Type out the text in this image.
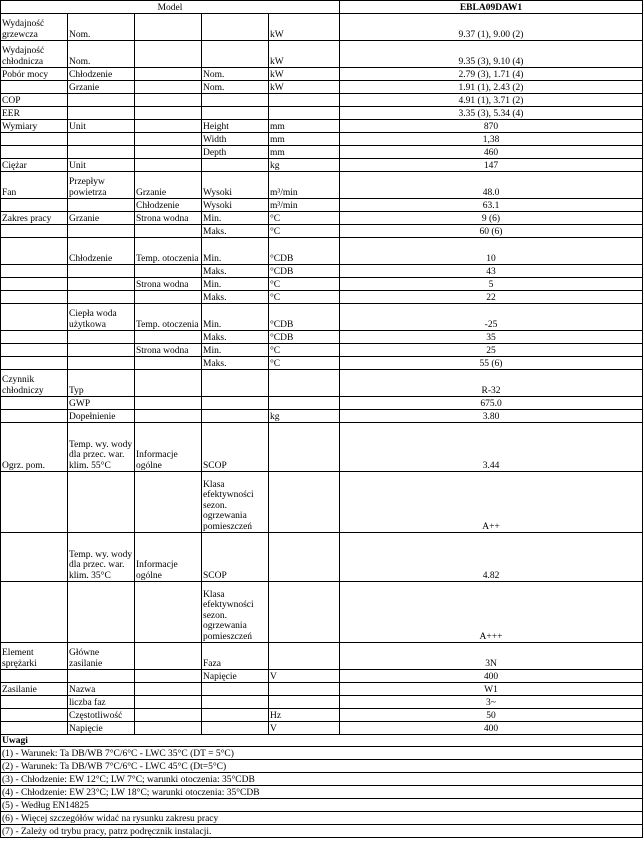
Model					EBLA09DAW1
Wydajność grzewcza	Nom.			kW	9.37 (1), 9.00 (2)
Wydajność chłodnicza	Nom.			kW	9.35 (3), 9.10 (4)
Pobór mocy	Chłodzenie		Nom.	kW	2.79 (3), 1.71 (4)
	Grzanie		Nom.	kW	1.91 (1), 2.43 (2)
COP					4.91 (1), 3.71 (2)
EER					3.35 (3), 5.34 (4)
Wymiary	Unit		Height	mm	870
			Width	mm	1,38
			Depth	mm	460
Ciężar	Unit			kg	147
Fan	Przepływ powietrza	Grzanie	Wysoki	m³/min	48.0
		Chłodzenie	Wysoki	m³/min	63.1
Zakres pracy	Grzanie	Strona wodna	Min.	°C	9 (6)
			Maks.	°C	60 (6)
	Chłodzenie	Temp. otoczenia	Min.	°CDB	10
			Maks.	°CDB	43
		Strona wodna	Min.	°C	5
			Maks.	°C	22
	Ciepła woda użytkowa	Temp. otoczenia	Min.	°CDB	-25
			Maks.	°CDB	35
		Strona wodna	Min.	°C	25
			Maks.	°C	55 (6)
Czynnik chłodniczy	Typ				R-32
	GWP				675.0
	Dopełnienie			kg	3.80
Ogrz. pom.	Temp. wy. wody dla przec. war. klim. 55°C	Informacje ogólne	SCOP		3.44
			Klasa efektywności sezon. ogrzewania pomieszczeń		A++
	Temp. wy. wody dla przec. war. klim. 35°C	Informacje ogólne	SCOP		4.82
			Klasa efektywności sezon. ogrzewania pomieszczeń		A+++
Element sprężarki	Główne zasilanie		Faza		3N
			Napięcie	V	400
Zasilanie	Nazwa				W1
	liczba faz				3~
	Częstotliwość			Hz	50
	Napięcie			V	400
Uwagi					
(1) - Warunek: Ta DB/WB 7°C/6°C - LWC 35°C (DT = 5°C)					
(2) - Warunek: Ta DB/WB 7°C/6°C - LWC 45°C (Dt=5°C)					
(3) - Chłodzenie: EW 12°C; LW 7°C; warunki otoczenia: 35°CDB					
(4) - Chłodzenie: EW 23°C; LW 18°C; warunki otoczenia: 35°CDB					
(5) - Według EN14825					
(6) - Więcej szczegółów widać na rysunku zakresu pracy					
(7) - Zależy od trybu pracy, patrz podręcznik instalacji.					
